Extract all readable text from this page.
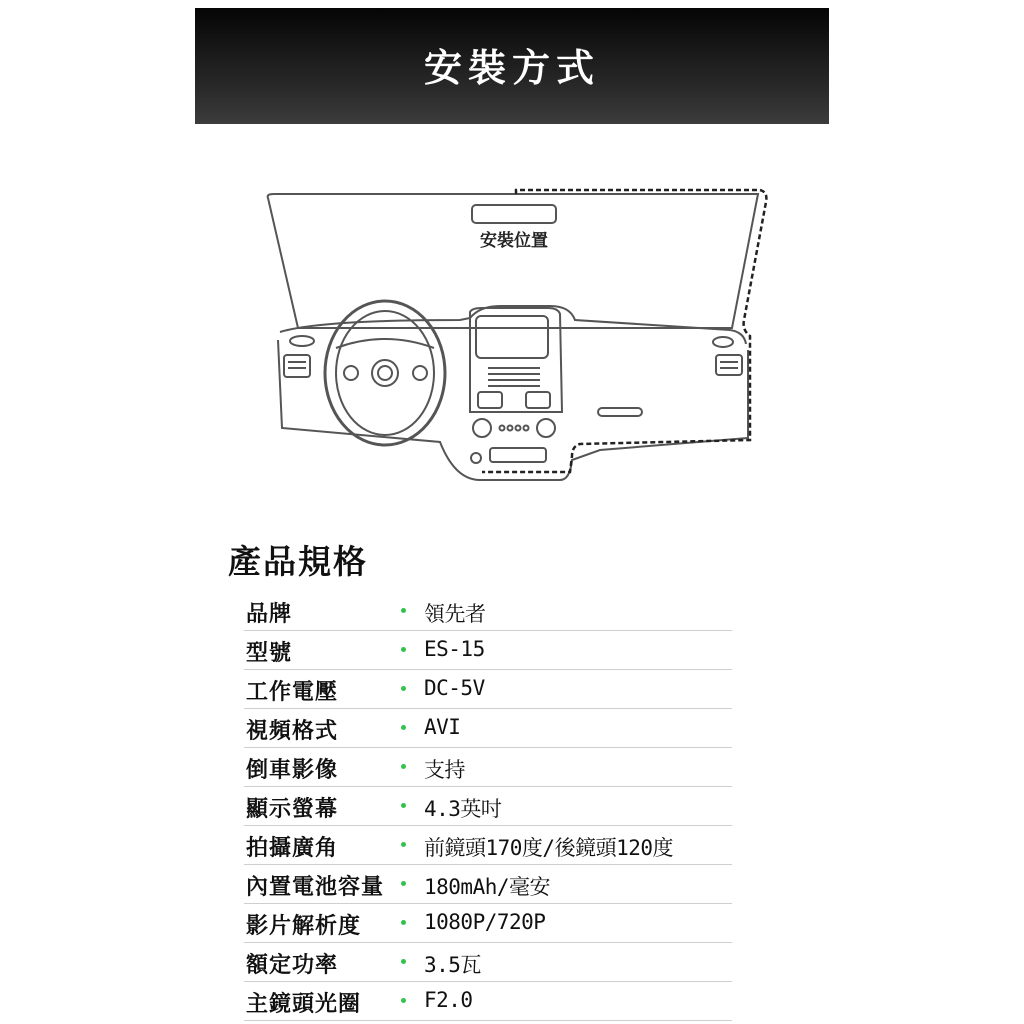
安裝方式
安裝位置
產品規格
品牌	領先者
型號	ES-15
工作電壓	DC-5V
視頻格式	AVI
倒車影像	支持
顯示螢幕	4.3英吋
拍攝廣角	前鏡頭170度/後鏡頭120度
內置電池容量 180mAh/毫安
影片解析度	1080P/720P
額定功率	3.5瓦
主鏡頭光圈	F2.0
